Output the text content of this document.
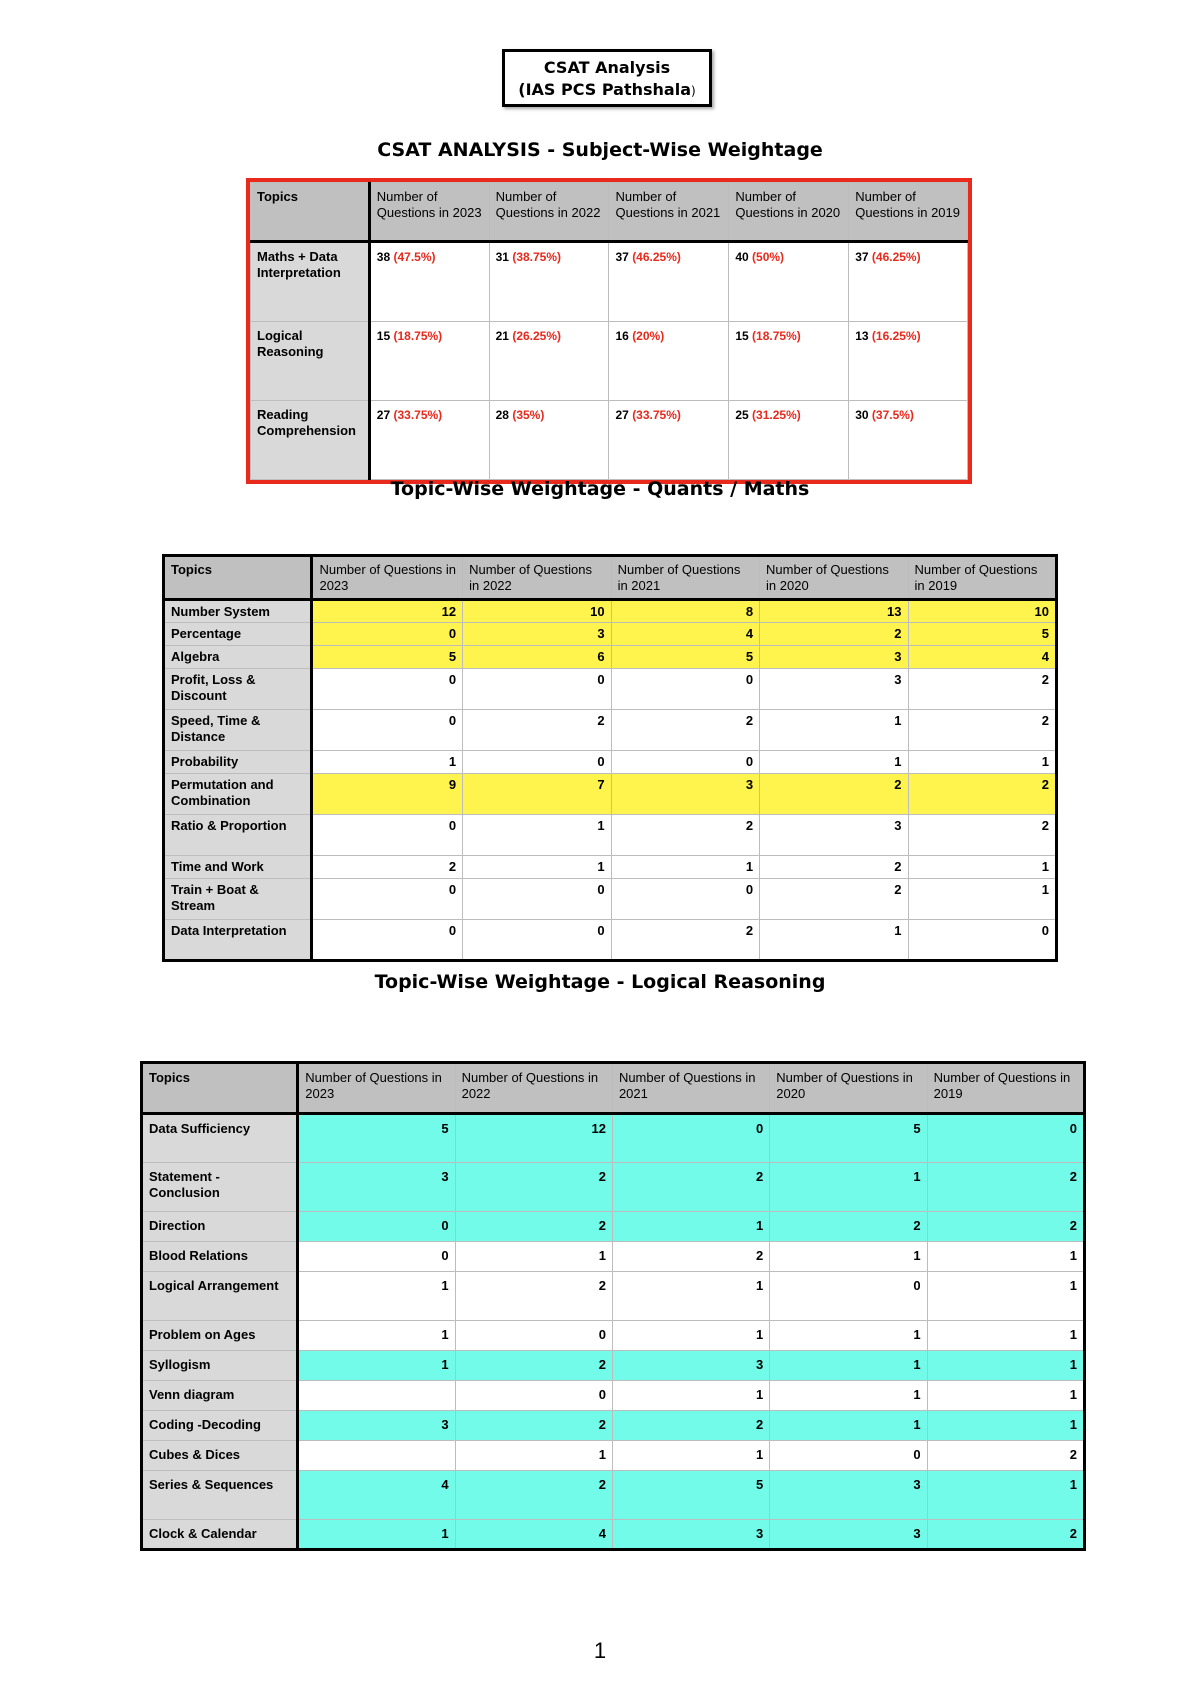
CSAT Analysis
(IAS PCS Pathshala)
CSAT ANALYSIS - Subject-Wise Weightage
Topics	Number of Questions in 2023	Number of Questions in 2022	Number of Questions in 2021	Number of Questions in 2020	Number of Questions in 2019
Maths + Data Interpretation	38 (47.5%)	31 (38.75%)	37 (46.25%)	40 (50%)	37 (46.25%)
Logical Reasoning	15 (18.75%)	21 (26.25%)	16 (20%)	15 (18.75%)	13 (16.25%)
Reading Comprehension	27 (33.75%)	28 (35%)	27 (33.75%)	25 (31.25%)	30 (37.5%)
Topic-Wise Weightage - Quants / Maths
Topics	Number of Questions in 2023	Number of Questions in 2022	Number of Questions in 2021	Number of Questions in 2020	Number of Questions in 2019
Number System	12	10	8	13	10
Percentage	0	3	4	2	5
Algebra	5	6	5	3	4
Profit, Loss & Discount	0	0	0	3	2
Speed, Time & Distance	0	2	2	1	2
Probability	1	0	0	1	1
Permutation and Combination	9	7	3	2	2
Ratio & Proportion	0	1	2	3	2
Time and Work	2	1	1	2	1
Train + Boat & Stream	0	0	0	2	1
Data Interpretation	0	0	2	1	0
Topic-Wise Weightage - Logical Reasoning
Topics	Number of Questions in 2023	Number of Questions in 2022	Number of Questions in 2021	Number of Questions in 2020	Number of Questions in 2019
Data Sufficiency	5	12	0	5	0
Statement - Conclusion	3	2	2	1	2
Direction	0	2	1	2	2
Blood Relations	0	1	2	1	1
Logical Arrangement	1	2	1	0	1
Problem on Ages	1	0	1	1	1
Syllogism	1	2	3	1	1
Venn diagram		0	1	1	1
Coding -Decoding	3	2	2	1	1
Cubes & Dices		1	1	0	2
Series & Sequences	4	2	5	3	1
Clock & Calendar	1	4	3	3	2
1
